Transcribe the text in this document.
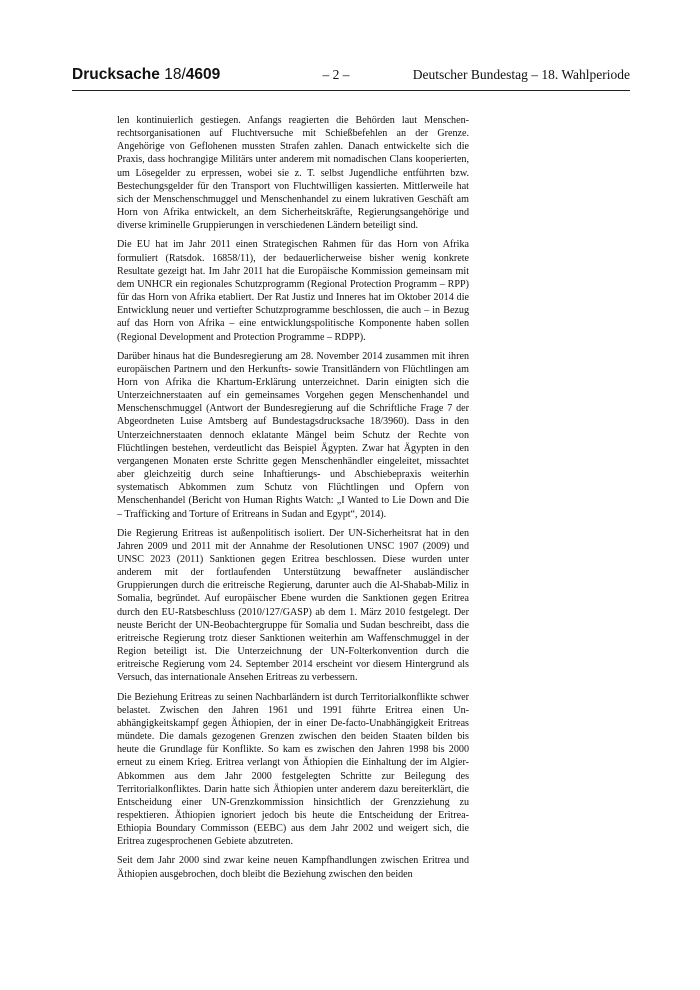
Drucksache 18/4609	– 2 –	Deutscher Bundestag – 18. Wahlperiode

len kontinuierlich gestiegen. Anfangs reagierten die Behörden laut Menschenrechtsorganisationen auf Fluchtversuche mit Schießbefehlen an der Grenze. Angehörige von Geflohenen mussten Strafen zahlen. Danach entwickelte sich die Praxis, dass hochrangige Militärs unter anderem mit nomadischen Clans kooperierten, um Lösegelder zu erpressen, wobei sie z. T. selbst Jugendliche entführten bzw. Bestechungsgelder für den Transport von Fluchtwilligen kassierten. Mittlerweile hat sich der Menschenschmuggel und Menschenhandel zu einem lukrativen Geschäft am Horn von Afrika entwickelt, an dem Sicherheitskräfte, Regierungsangehörige und diverse kriminelle Gruppierungen in verschiedenen Ländern beteiligt sind.

Die EU hat im Jahr 2011 einen Strategischen Rahmen für das Horn von Afrika formuliert (Ratsdok. 16858/11), der bedauerlicherweise bisher wenig konkrete Resultate gezeigt hat. Im Jahr 2011 hat die Europäische Kommission gemeinsam mit dem UNHCR ein regionales Schutzprogramm (Regional Protection Programm – RPP) für das Horn von Afrika etabliert. Der Rat Justiz und Inneres hat im Oktober 2014 die Entwicklung neuer und vertiefter Schutzprogramme beschlossen, die auch – in Bezug auf das Horn von Afrika – eine entwicklungspolitische Komponente haben sollen (Regional Development and Protection Programme – RDPP).

Darüber hinaus hat die Bundesregierung am 28. November 2014 zusammen mit ihren europäischen Partnern und den Herkunfts- sowie Transitländern von Flüchtlingen am Horn von Afrika die Khartum-Erklärung unterzeichnet. Darin einigten sich die Unterzeichnerstaaten auf ein gemeinsames Vorgehen gegen Menschenhandel und Menschenschmuggel (Antwort der Bundesregierung auf die Schriftliche Frage 7 der Abgeordneten Luise Amtsberg auf Bundestagsdrucksache 18/3960). Dass in den Unterzeichnerstaaten dennoch eklatante Mängel beim Schutz der Rechte von Flüchtlingen bestehen, verdeutlicht das Beispiel Ägypten. Zwar hat Ägypten in den vergangenen Monaten erste Schritte gegen Menschenhändler eingeleitet, missachtet aber gleichzeitig durch seine Inhaftierungs- und Abschiebepraxis weiterhin systematisch Abkommen zum Schutz von Flüchtlingen und Opfern von Menschenhandel (Bericht von Human Rights Watch: „I Wanted to Lie Down and Die – Trafficking and Torture of Eritreans in Sudan and Egypt“, 2014).

Die Regierung Eritreas ist außenpolitisch isoliert. Der UN-Sicherheitsrat hat in den Jahren 2009 und 2011 mit der Annahme der Resolutionen UNSC 1907 (2009) und UNSC 2023 (2011) Sanktionen gegen Eritrea beschlossen. Diese wurden unter anderem mit der fortlaufenden Unterstützung bewaffneter ausländischer Gruppierungen durch die eritreische Regierung, darunter auch die Al-Shabab-Miliz in Somalia, begründet. Auf europäischer Ebene wurden die Sanktionen gegen Eritrea durch den EU-Ratsbeschluss (2010/127/GASP) ab dem 1. März 2010 festgelegt. Der neuste Bericht der UN-Beobachtergruppe für Somalia und Sudan beschreibt, dass die eritreische Regierung trotz dieser Sanktionen weiterhin am Waffenschmuggel in der Region beteiligt ist. Die Unterzeichnung der UN-Folterkonvention durch die eritreische Regierung vom 24. September 2014 erscheint vor diesem Hintergrund als Versuch, das internationale Ansehen Eritreas zu verbessern.

Die Beziehung Eritreas zu seinen Nachbarländern ist durch Territorialkonflikte schwer belastet. Zwischen den Jahren 1961 und 1991 führte Eritrea einen Unabhängigkeitskampf gegen Äthiopien, der in einer De-facto-Unabhängigkeit Eritreas mündete. Die damals gezogenen Grenzen zwischen den beiden Staaten bilden bis heute die Grundlage für Konflikte. So kam es zwischen den Jahren 1998 bis 2000 erneut zu einem Krieg. Eritrea verlangt von Äthiopien die Einhaltung der im Algier-Abkommen aus dem Jahr 2000 festgelegten Schritte zur Beilegung des Territorialkonfliktes. Darin hatte sich Äthiopien unter anderem dazu bereiterklärt, die Entscheidung einer UN-Grenzkommission hinsichtlich der Grenzziehung zu respektieren. Äthiopien ignoriert jedoch bis heute die Entscheidung der Eritrea-Ethiopia Boundary Commisson (EEBC) aus dem Jahr 2002 und weigert sich, die Eritrea zugesprochenen Gebiete abzutreten.

Seit dem Jahr 2000 sind zwar keine neuen Kampfhandlungen zwischen Eritrea und Äthiopien ausgebrochen, doch bleibt die Beziehung zwischen den beiden
